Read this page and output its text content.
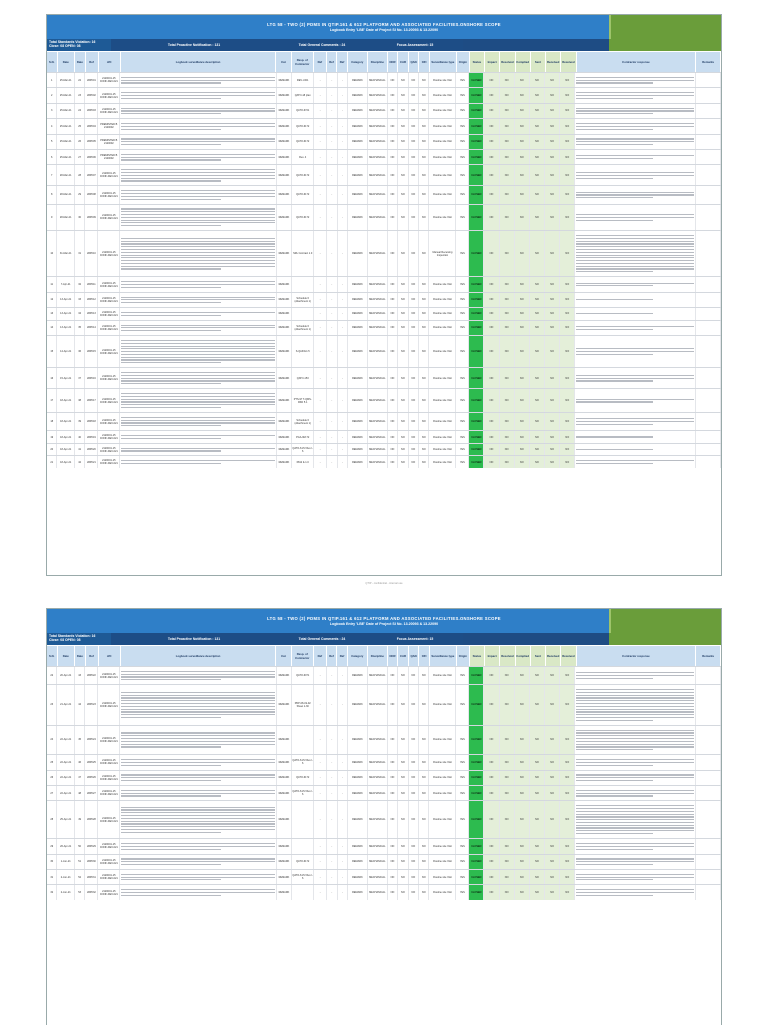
LTG 58 - TWO (2) PDMS IN QTIP.161 & 612 PLATFORM AND ASSOCIATED FACILITIES.ONSHORE SCOPE
Logbook Entry 'LBE' Date of Project SI No. 13.20093 & 13.22090
Total Standards Violation: 16
Close: 08 OPEN: 08	Total Proactive Notification : 131	Total General Comments : 24	Focus Assessment: 15
S.N.	Date	Date	Ref	J/O	Logbook surveillance description	Cat	Resp. of Contractor	Ref	Ref	Ref	Category	Discipline	NCR	CAR	QAN	OFI	Surveillance type	Origin	Status	Impact	Resolved Complied	Sent	Received	Received	Contractor response	Remarks
1	25-Mar-21	22	LBP001	2120001-15 CONF-DEV-021	REMARK	REV-I-001	-	-	-	REMARK	MECHANICAL	NO	NO	NO	NO	Routine site Visit	YES	CLOSED	NO	NO	NO	NO	NO	NO
2	25-Mar-21	23	LBP002	2120001-15 CONF-DEV-021	REMARK	QATO-18 plan	-	-	-	REMARK	MECHANICAL	NO	NO	NO	NO	Routine site Visit	YES	CLOSED	NO	NO	NO	NO	NO	NO
3	25-Mar-21	24	LBP003	2120001-15 CONF-DEV-021	REMARK	QATO-6721	-	-	-	REMARK	MECHANICAL	NO	NO	NO	NO	Routine site Visit	YES	CLOSED	NO	NO	NO	NO	NO	NO
4	25-Mar-21	25	LBP004	PREMINTED B 2120002	REMARK	QATO-6172	-	-	-	REMARK	MECHANICAL	NO	NO	NO	NO	Routine site Visit	YES	CLOSED	NO	NO	NO	NO	NO	NO
5	25-Mar-21	26	LBP005	PREMINTED B 2120002	REMARK	QATO-6172	-	-	-	REMARK	MECHANICAL	NO	NO	NO	NO	Routine site Visit	YES	CLOSED	NO	NO	NO	NO	NO	NO
6	25-Mar-21	27	LBP006	PREMINTED B 2120002	REMARK	Rev. 4	-	-	-	REMARK	MECHANICAL	NO	NO	NO	NO	Routine site Visit	YES	CLOSED	NO	NO	NO	NO	NO	NO
7	28-Mar-21	28	LBP007	2120001-15 CONF-DEV-021	REMARK	QATO-6172	-	-	-	REMARK	MECHANICAL	NO	NO	NO	NO	Routine site Visit	YES	CLOSED	NO	NO	NO	NO	NO	NO
8	28-Mar-21	29	LBP008	2120001-15 CONF-DEV-021	REMARK	QATO-6172	-	-	-	REMARK	MECHANICAL	NO	NO	NO	NO	Routine site Visit	YES	CLOSED	NO	NO	NO	NO	NO	NO
9	28-Mar-21	30	LBP009	2120001-15 CONF-DEV-021	REMARK	QATO-6172	-	-	-	REMARK	MECHANICAL	NO	NO	NO	NO	Routine site Visit	YES	CLOSED	NO	NO	NO	NO	NO	NO
10	31-Mar-21	31	LBP010	2120001-15 CONF-DEV-021	REMARK	SRL Contract 1.0	-	-	-	REMARK	MECHANICAL	NO	NO	NO	NO	Manual Receiving Inspection	YES	CLOSED	NO	NO	NO	NO	NO	NO
11	7-Apr-21	32	LBP011	2120001-15 CONF-DEV-021	REMARK	-	-	-	REMARK	MECHANICAL	NO	NO	NO	NO	Routine site Visit	YES	CLOSED	NO	NO	NO	NO	NO	NO
12	13-Apr-21	33	LBP012	2120001-15 CONF-DEV-021	REMARK	Schedule 6 (Attachment 1)	-	-	-	REMARK	MECHANICAL	NO	NO	NO	NO	Routine site Visit	YES	CLOSED	NO	NO	NO	NO	NO	NO
13	13-Apr-21	34	LBP013	2120001-15 CONF-DEV-021	REMARK	-	-	-	REMARK	MECHANICAL	NO	NO	NO	NO	Routine site Visit	YES	CLOSED	NO	NO	NO	NO	NO	NO
14	13-Apr-21	35	LBP014	2120001-15 CONF-DEV-021	REMARK	Schedule 6 (Attachment 1)	-	-	-	REMARK	MECHANICAL	NO	NO	NO	NO	Routine site Visit	YES	CLOSED	NO	NO	NO	NO	NO	NO
15	14-Apr-21	36	LBP015	2120001-15 CONF-DEV-021	REMARK	S-QA/FAC-5	-	-	-	REMARK	MECHANICAL	NO	NO	NO	NO	Routine site Visit	YES	CLOSED	NO	NO	NO	NO	NO	NO
16	15-Apr-21	37	LBP016	2120001-15 CONF-DEV-021	REMARK	QATO-153	-	-	-	REMARK	MECHANICAL	NO	NO	NO	NO	Routine site Visit	YES	CLOSED	NO	NO	NO	NO	NO	NO
17	18-Apr-21	38	LBP017	2120001-15 CONF-DEV-021	REMARK	PTS-97 T-QMS-RKD 5.1	-	-	-	REMARK	MECHANICAL	NO	NO	NO	NO	Routine site Visit	YES	CLOSED	NO	NO	NO	NO	NO	NO
18	18-Apr-21	39	LBP018	2120001-15 CONF-DEV-021	REMARK	Schedule 6 (Attachment 1)	-	-	-	REMARK	MECHANICAL	NO	NO	NO	NO	Routine site Visit	YES	CLOSED	NO	NO	NO	NO	NO	NO
19	18-Apr-21	40	LBP019	2120001-15 CONF-DEV-021	REMARK	PGA-9M-72	-	-	-	REMARK	MECHANICAL	NO	NO	NO	NO	Routine site Visit	YES	CLOSED	NO	NO	NO	NO	NO	NO
20	18-Apr-21	41	LBP020	2120001-15 CONF-DEV-021	REMARK	QATO-6172 Rev I-6	-	-	-	REMARK	MECHANICAL	NO	NO	NO	NO	Routine site Visit	YES	CLOSED	NO	NO	NO	NO	NO	NO
21	18-Apr-21	42	LBP021	2120001-15 CONF-DEV-021	REMARK	6812 & 1.0	-	-	-	REMARK	MECHANICAL	NO	NO	NO	NO	Routine site Visit	YES	CLOSED	NO	NO	NO	NO	NO	NO
QTIP - confidential - internal use
LTG 58 - TWO (2) PDMS IN QTIP.161 & 612 PLATFORM AND ASSOCIATED FACILITIES.ONSHORE SCOPE
Logbook Entry 'LBE' Date of Project SI No. 13.20093 & 13.22090
Total Standards Violation: 16
Close: 08 OPEN: 08	Total Proactive Notification : 131	Total General Comments : 24	Focus Assessment: 15
S.N.	Date	Date	Ref	J/O	Logbook surveillance description	Cat	Resp. of Contractor	Ref	Ref	Ref	Category	Discipline	NCR	CAR	QAN	OFI	Surveillance type	Origin	Status	Impact	Resolved Complied	Sent	Received	Received	Contractor response	Remarks
22	20-Apr-21	43	LBP022	2120001-15 CONF-DEV-021	REMARK	QATO-6071	-	-	-	REMARK	MECHANICAL	NO	NO	NO	NO	Routine site Visit	YES	CLOSED	NO	NO	NO	NO	NO	NO
23	21-Apr-21	44	LBP023	2120001-15 CONF-DEV-021	REMARK	PDP-08-19-02 Sheet 1-30	-	-	-	REMARK	MECHANICAL	NO	NO	NO	NO	Routine site Visit	YES	CLOSED	NO	NO	NO	NO	NO	NO
24	22-Apr-21	45	LBP024	2120001-15 CONF-DEV-021	REMARK	-	-	-	REMARK	MECHANICAL	NO	NO	NO	NO	Routine site Visit	YES	CLOSED	NO	NO	NO	NO	NO	NO
25	22-Apr-21	46	LBP025	2120001-15 CONF-DEV-021	REMARK	QATO-6172 Rev I-6	-	-	-	REMARK	MECHANICAL	NO	NO	NO	NO	Routine site Visit	YES	CLOSED	NO	NO	NO	NO	NO	NO
26	22-Apr-21	47	LBP026	2120001-15 CONF-DEV-021	REMARK	QATO-6172	-	-	-	REMARK	MECHANICAL	NO	NO	NO	NO	Routine site Visit	YES	CLOSED	NO	NO	NO	NO	NO	NO
27	22-Apr-21	48	LBP027	2120001-15 CONF-DEV-021	REMARK	QATO-6172 Rev I-6	-	-	-	REMARK	MECHANICAL	NO	NO	NO	NO	Routine site Visit	YES	CLOSED	NO	NO	NO	NO	NO	NO
28	25-Apr-21	49	LBP028	2120001-15 CONF-DEV-021	REMARK	-	-	-	REMARK	MECHANICAL	NO	NO	NO	NO	Routine site Visit	YES	CLOSED	NO	NO	NO	NO	NO	NO
29	26-Apr-21	50	LBP029	2120001-15 CONF-DEV-021	REMARK	-	-	-	REMARK	MECHANICAL	NO	NO	NO	NO	Routine site Visit	YES	CLOSED	NO	NO	NO	NO	NO	NO
30	1-Jun-21	51	LBP030	2120001-15 CONF-DEV-021	REMARK	QATO-6172	-	-	-	REMARK	MECHANICAL	NO	NO	NO	NO	Routine site Visit	YES	CLOSED	NO	NO	NO	NO	NO	NO
31	2-Jun-21	52	LBP031	2120001-15 CONF-DEV-021	REMARK	QATO-6172 Rev I-6	-	-	-	REMARK	MECHANICAL	NO	NO	NO	NO	Routine site Visit	YES	CLOSED	NO	NO	NO	NO	NO	NO
32	2-Jun-21	53	LBP032	2120001-15 CONF-DEV-021	REMARK	-	-	-	REMARK	MECHANICAL	NO	NO	NO	NO	Routine site Visit	YES	CLOSED	NO	NO	NO	NO	NO	NO
